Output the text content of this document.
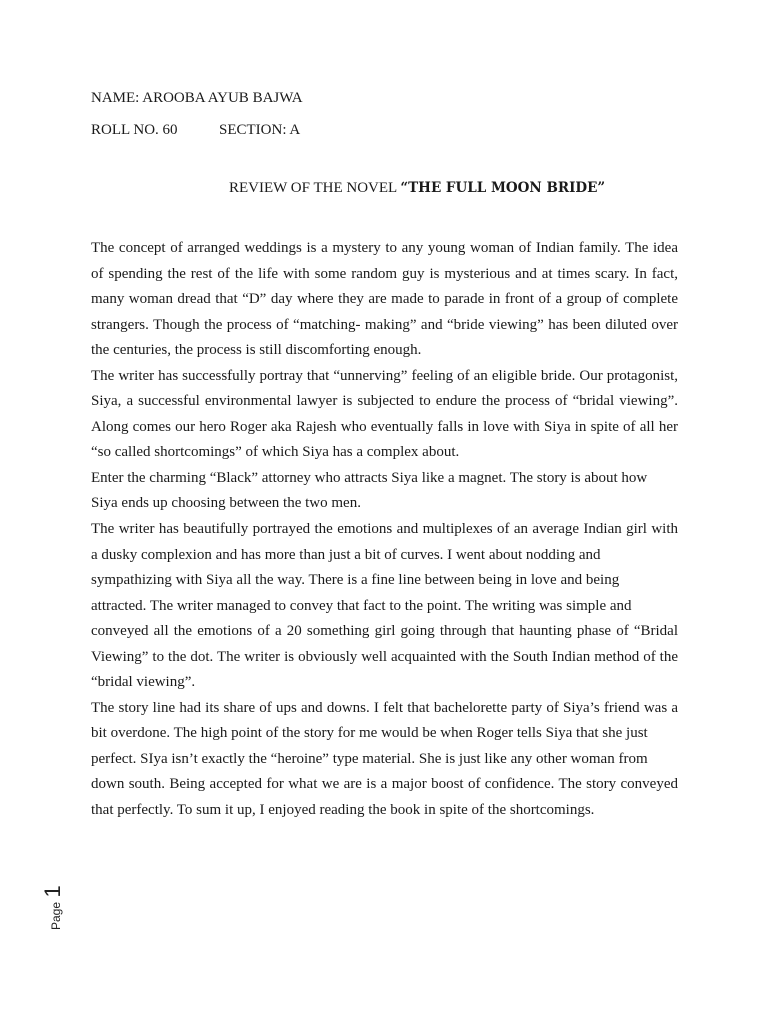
NAME: AROOBA AYUB BAJWA
ROLL NO. 60	SECTION: A
REVIEW OF THE NOVEL “THE FULL MOON BRIDE”
The concept of arranged weddings is a mystery to any young woman of Indian family. The idea
of spending the rest of the life with some random guy is mysterious and at times scary. In fact,
many woman dread that “D” day where they are made to parade in front of a group of complete
strangers. Though the process of “matching- making” and “bride viewing” has been diluted over
the centuries, the process is still discomforting enough.
The writer has successfully portray that “unnerving” feeling of an eligible bride. Our protagonist,
Siya, a successful environmental lawyer is subjected to endure the process of “bridal viewing”.
Along comes our hero Roger aka Rajesh who eventually falls in love with Siya in spite of all her
“so called shortcomings” of which Siya has a complex about.
Enter the charming “Black” attorney who attracts Siya like a magnet. The story is about how
Siya ends up choosing between the two men.
The writer has beautifully portrayed the emotions and multiplexes of an average Indian girl with
a dusky complexion and has more than just a bit of curves. I went about nodding and
sympathizing with Siya all the way. There is a fine line between being in love and being
attracted. The writer managed to convey that fact to the point. The writing was simple and
conveyed all the emotions of a 20 something girl going through that haunting phase of “Bridal
Viewing” to the dot. The writer is obviously well acquainted with the South Indian method of the
“bridal viewing”.
The story line had its share of ups and downs. I felt that bachelorette party of Siya’s friend was a
bit overdone. The high point of the story for me would be when Roger tells Siya that she just
perfect. SIya isn’t exactly the “heroine” type material. She is just like any other woman from
down south. Being accepted for what we are is a major boost of confidence. The story conveyed
that perfectly. To sum it up, I enjoyed reading the book in spite of the shortcomings.
Page 1
